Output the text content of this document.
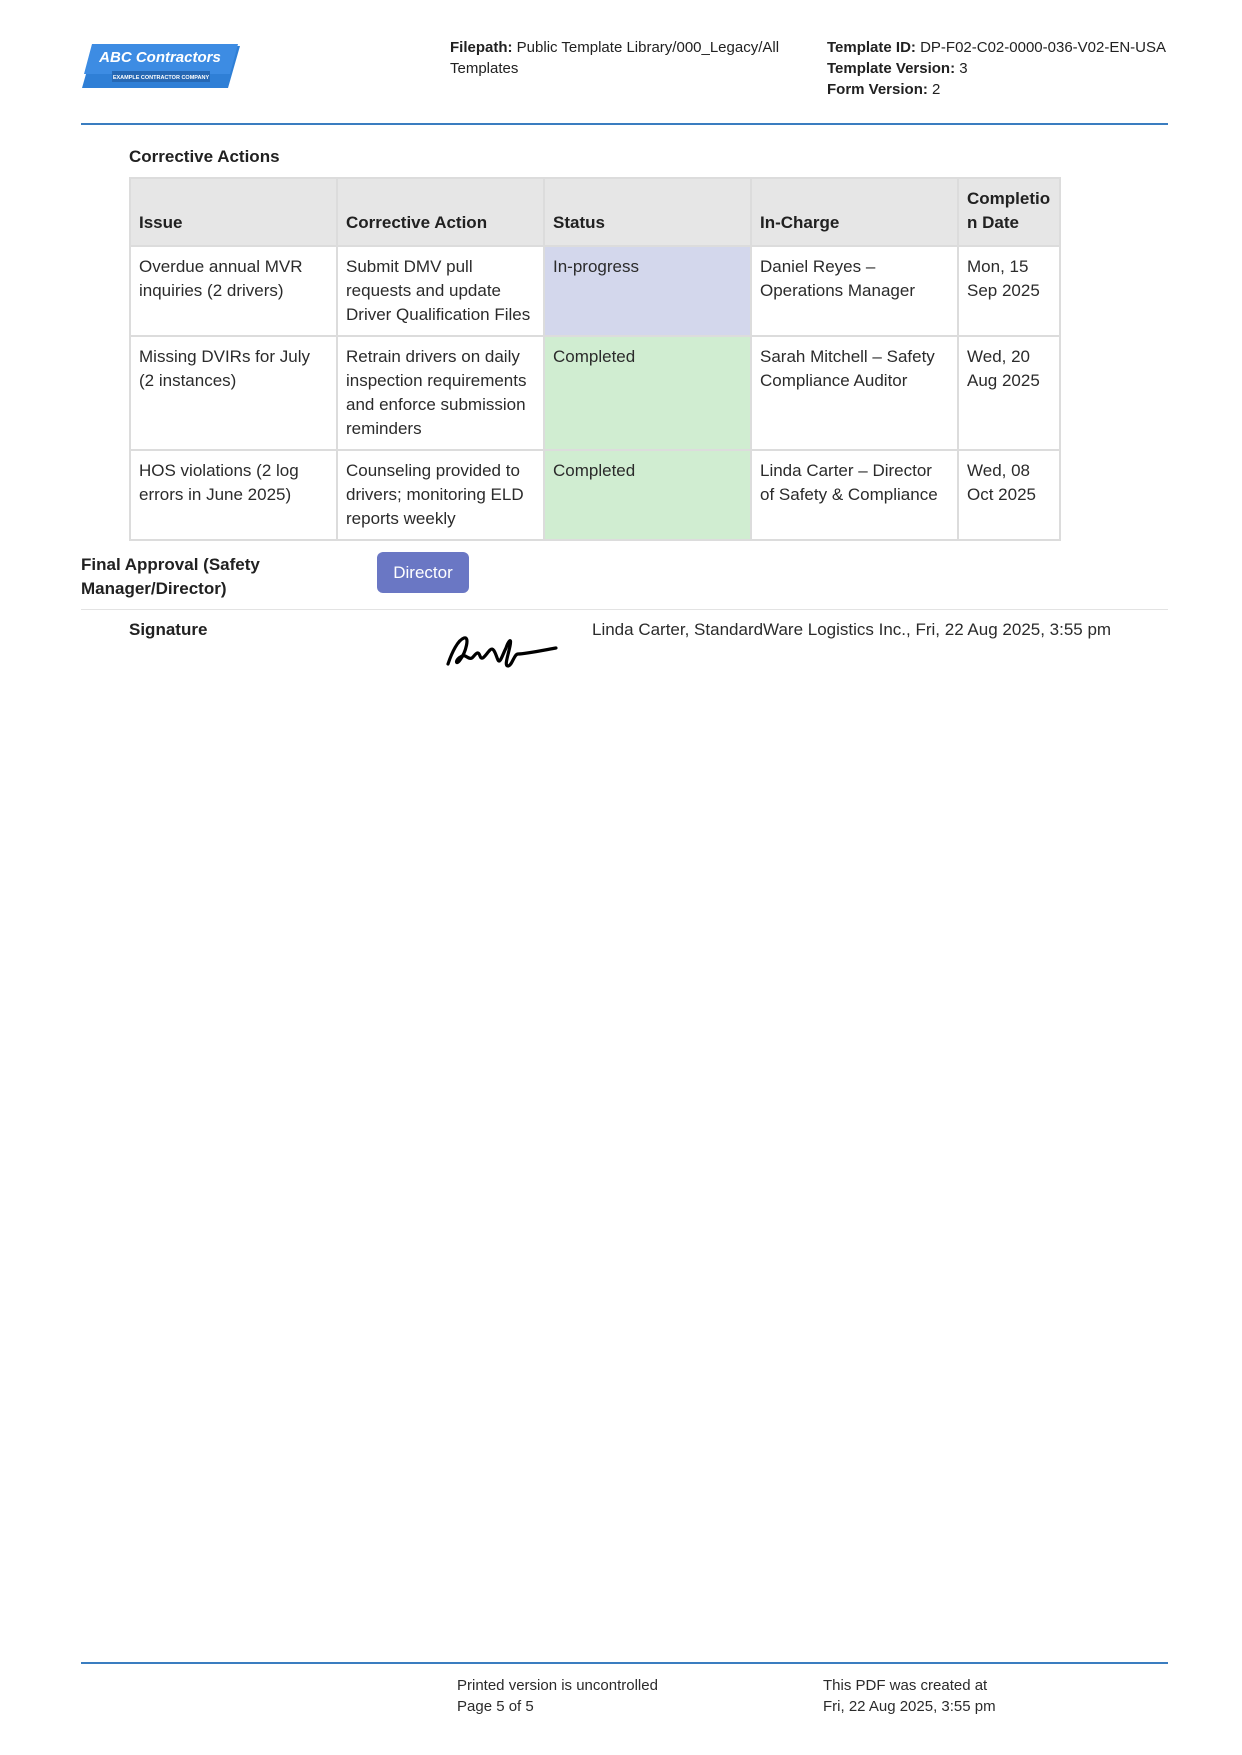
ABC Contractors
EXAMPLE CONTRACTOR COMPANY
Filepath: Public Template Library/000_Legacy/All Templates
Template ID: DP-F02-C02-0000-036-V02-EN-USA
Template Version: 3
Form Version: 2
Corrective Actions
Issue	Corrective Action	Status	In-Charge	Completio n Date
Overdue annual MVR inquiries (2 drivers)	Submit DMV pull requests and update Driver Qualification Files	In-progress	Daniel Reyes – Operations Manager	Mon, 15 Sep 2025
Missing DVIRs for July (2 instances)	Retrain drivers on daily inspection requirements and enforce submission reminders	Completed	Sarah Mitchell – Safety Compliance Auditor	Wed, 20 Aug 2025
HOS violations (2 log errors in June 2025)	Counseling provided to drivers; monitoring ELD reports weekly	Completed	Linda Carter – Director of Safety & Compliance	Wed, 08 Oct 2025
Final Approval (Safety Manager/Director)
Director
Signature	Linda Carter, StandardWare Logistics Inc., Fri, 22 Aug 2025, 3:55 pm
Printed version is uncontrolled
Page 5 of 5
This PDF was created at
Fri, 22 Aug 2025, 3:55 pm
